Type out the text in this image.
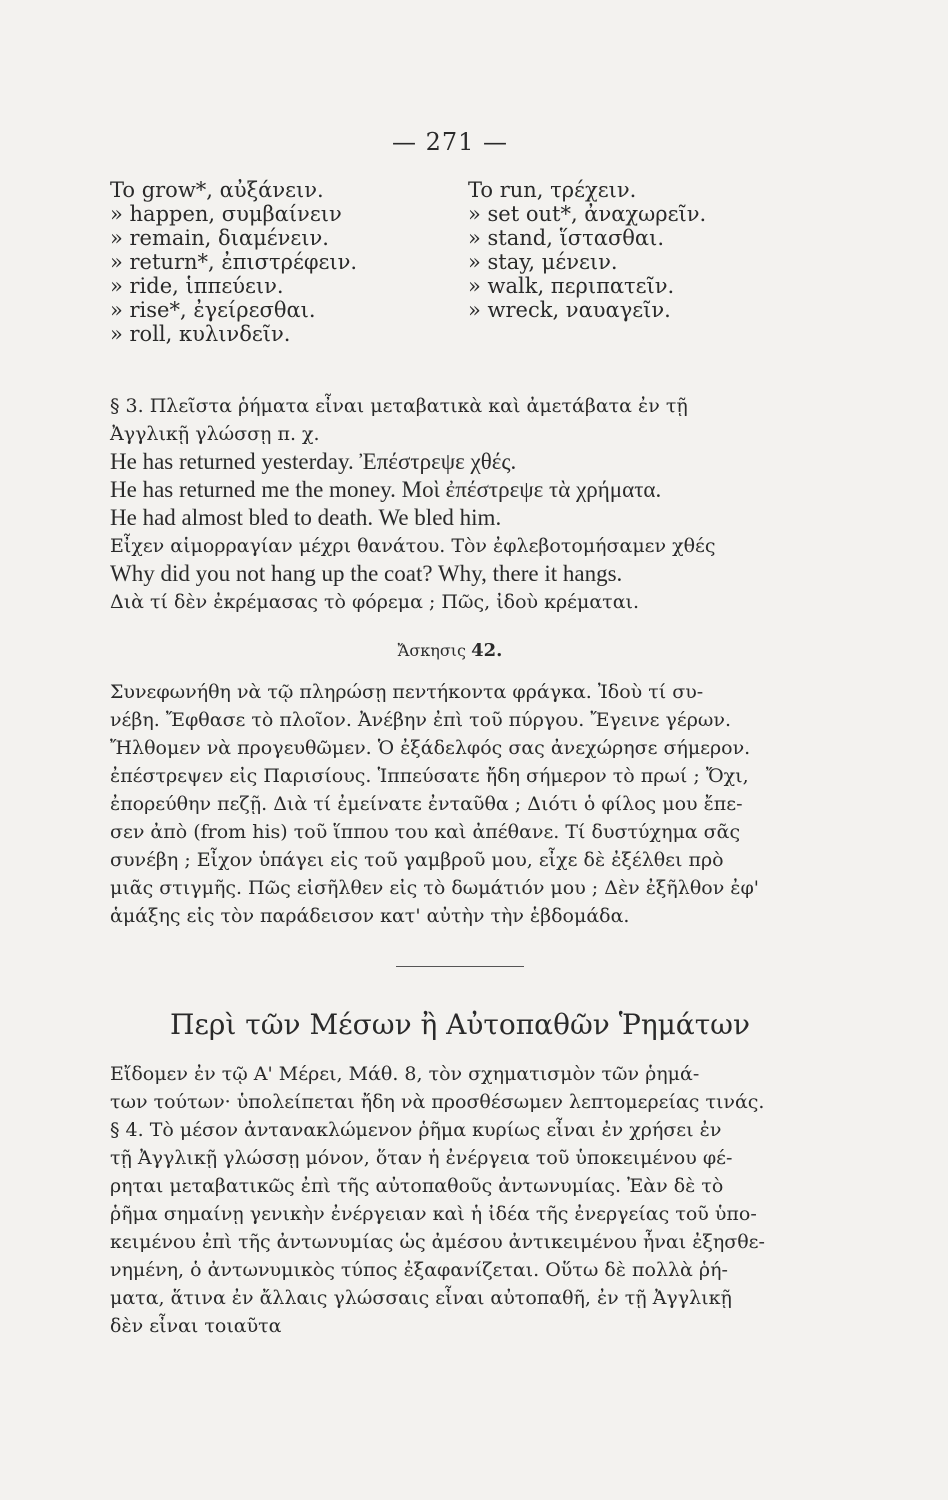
— 271 —
To grow*, αὐξάνειν.
» happen, συμβαίνειν
» remain, διαμένειν.
» return*, ἐπιστρέφειν.
» ride, ἱππεύειν.
» rise*, ἐγείρεσθαι.
» roll, κυλινδεῖν.
To run, τρέχειν.
» set out*, ἀναχωρεῖν.
» stand, ἵστασθαι.
» stay, μένειν.
» walk, περιπατεῖν.
» wreck, ναυαγεῖν.
§ 3. Πλεῖστα ῥήματα εἶναι μεταβατικὰ καὶ ἀμετάβατα ἐν τῇ
Ἀγγλικῇ γλώσσῃ π. χ.
He has returned yesterday. Ἐπέστρεψε χθές.
He has returned me the money. Μοὶ ἐπέστρεψε τὰ χρήματα.
He had almost bled to death. We bled him.
Εἶχεν αἱμορραγίαν μέχρι θανάτου. Τὸν ἐφλεβοτομήσαμεν χθές
Why did you not hang up the coat? Why, there it hangs.
Διὰ τί δὲν ἐκρέμασας τὸ φόρεμα ; Πῶς, ἰδοὺ κρέμαται.
Ἄσκησις 42.
Συνεφωνήθη νὰ τῷ πληρώσῃ πεντήκοντα φράγκα. Ἰδοὺ τί συ-
νέβη. Ἔφθασε τὸ πλοῖον. Ἀνέβην ἐπὶ τοῦ πύργου. Ἔγεινε γέρων.
Ἤλθομεν νὰ προγευθῶμεν. Ὁ ἐξάδελφός σας ἀνεχώρησε σήμερον.
ἐπέστρεψεν εἰς Παρισίους. Ἱππεύσατε ἤδη σήμερον τὸ πρωί ; Ὄχι,
ἐπορεύθην πεζῇ. Διὰ τί ἐμείνατε ἐνταῦθα ; Διότι ὁ φίλος μου ἔπε-
σεν ἀπὸ (from his) τοῦ ἵππου του καὶ ἀπέθανε. Τί δυστύχημα σᾶς
συνέβη ; Εἶχον ὑπάγει εἰς τοῦ γαμβροῦ μου, εἶχε δὲ ἐξέλθει πρὸ
μιᾶς στιγμῆς. Πῶς εἰσῆλθεν εἰς τὸ δωμάτιόν μου ; Δὲν ἐξῆλθον ἐφ'
ἁμάξης εἰς τὸν παράδεισον κατ' αὐτὴν τὴν ἑβδομάδα.
Περὶ τῶν Μέσων ἢ Αὐτοπαθῶν Ῥημάτων
Εἴδομεν ἐν τῷ Α' Μέρει, Μάθ. 8, τὸν σχηματισμὸν τῶν ῥημά-
των τούτων· ὑπολείπεται ἤδη νὰ προσθέσωμεν λεπτομερείας τινάς.
§ 4. Τὸ μέσον ἀντανακλώμενον ῥῆμα κυρίως εἶναι ἐν χρήσει ἐν
τῇ Ἀγγλικῇ γλώσσῃ μόνον, ὅταν ἡ ἐνέργεια τοῦ ὑποκειμένου φέ-
ρηται μεταβατικῶς ἐπὶ τῆς αὐτοπαθοῦς ἀντωνυμίας. Ἐὰν δὲ τὸ
ῥῆμα σημαίνῃ γενικὴν ἐνέργειαν καὶ ἡ ἰδέα τῆς ἐνεργείας τοῦ ὑπο-
κειμένου ἐπὶ τῆς ἀντωνυμίας ὡς ἀμέσου ἀντικειμένου ἦναι ἐξησθε-
νημένη, ὁ ἀντωνυμικὸς τύπος ἐξαφανίζεται. Οὕτω δὲ πολλὰ ῥή-
ματα, ἅτινα ἐν ἄλλαις γλώσσαις εἶναι αὐτοπαθῆ, ἐν τῇ Ἀγγλικῇ
δὲν εἶναι τοιαῦτα
